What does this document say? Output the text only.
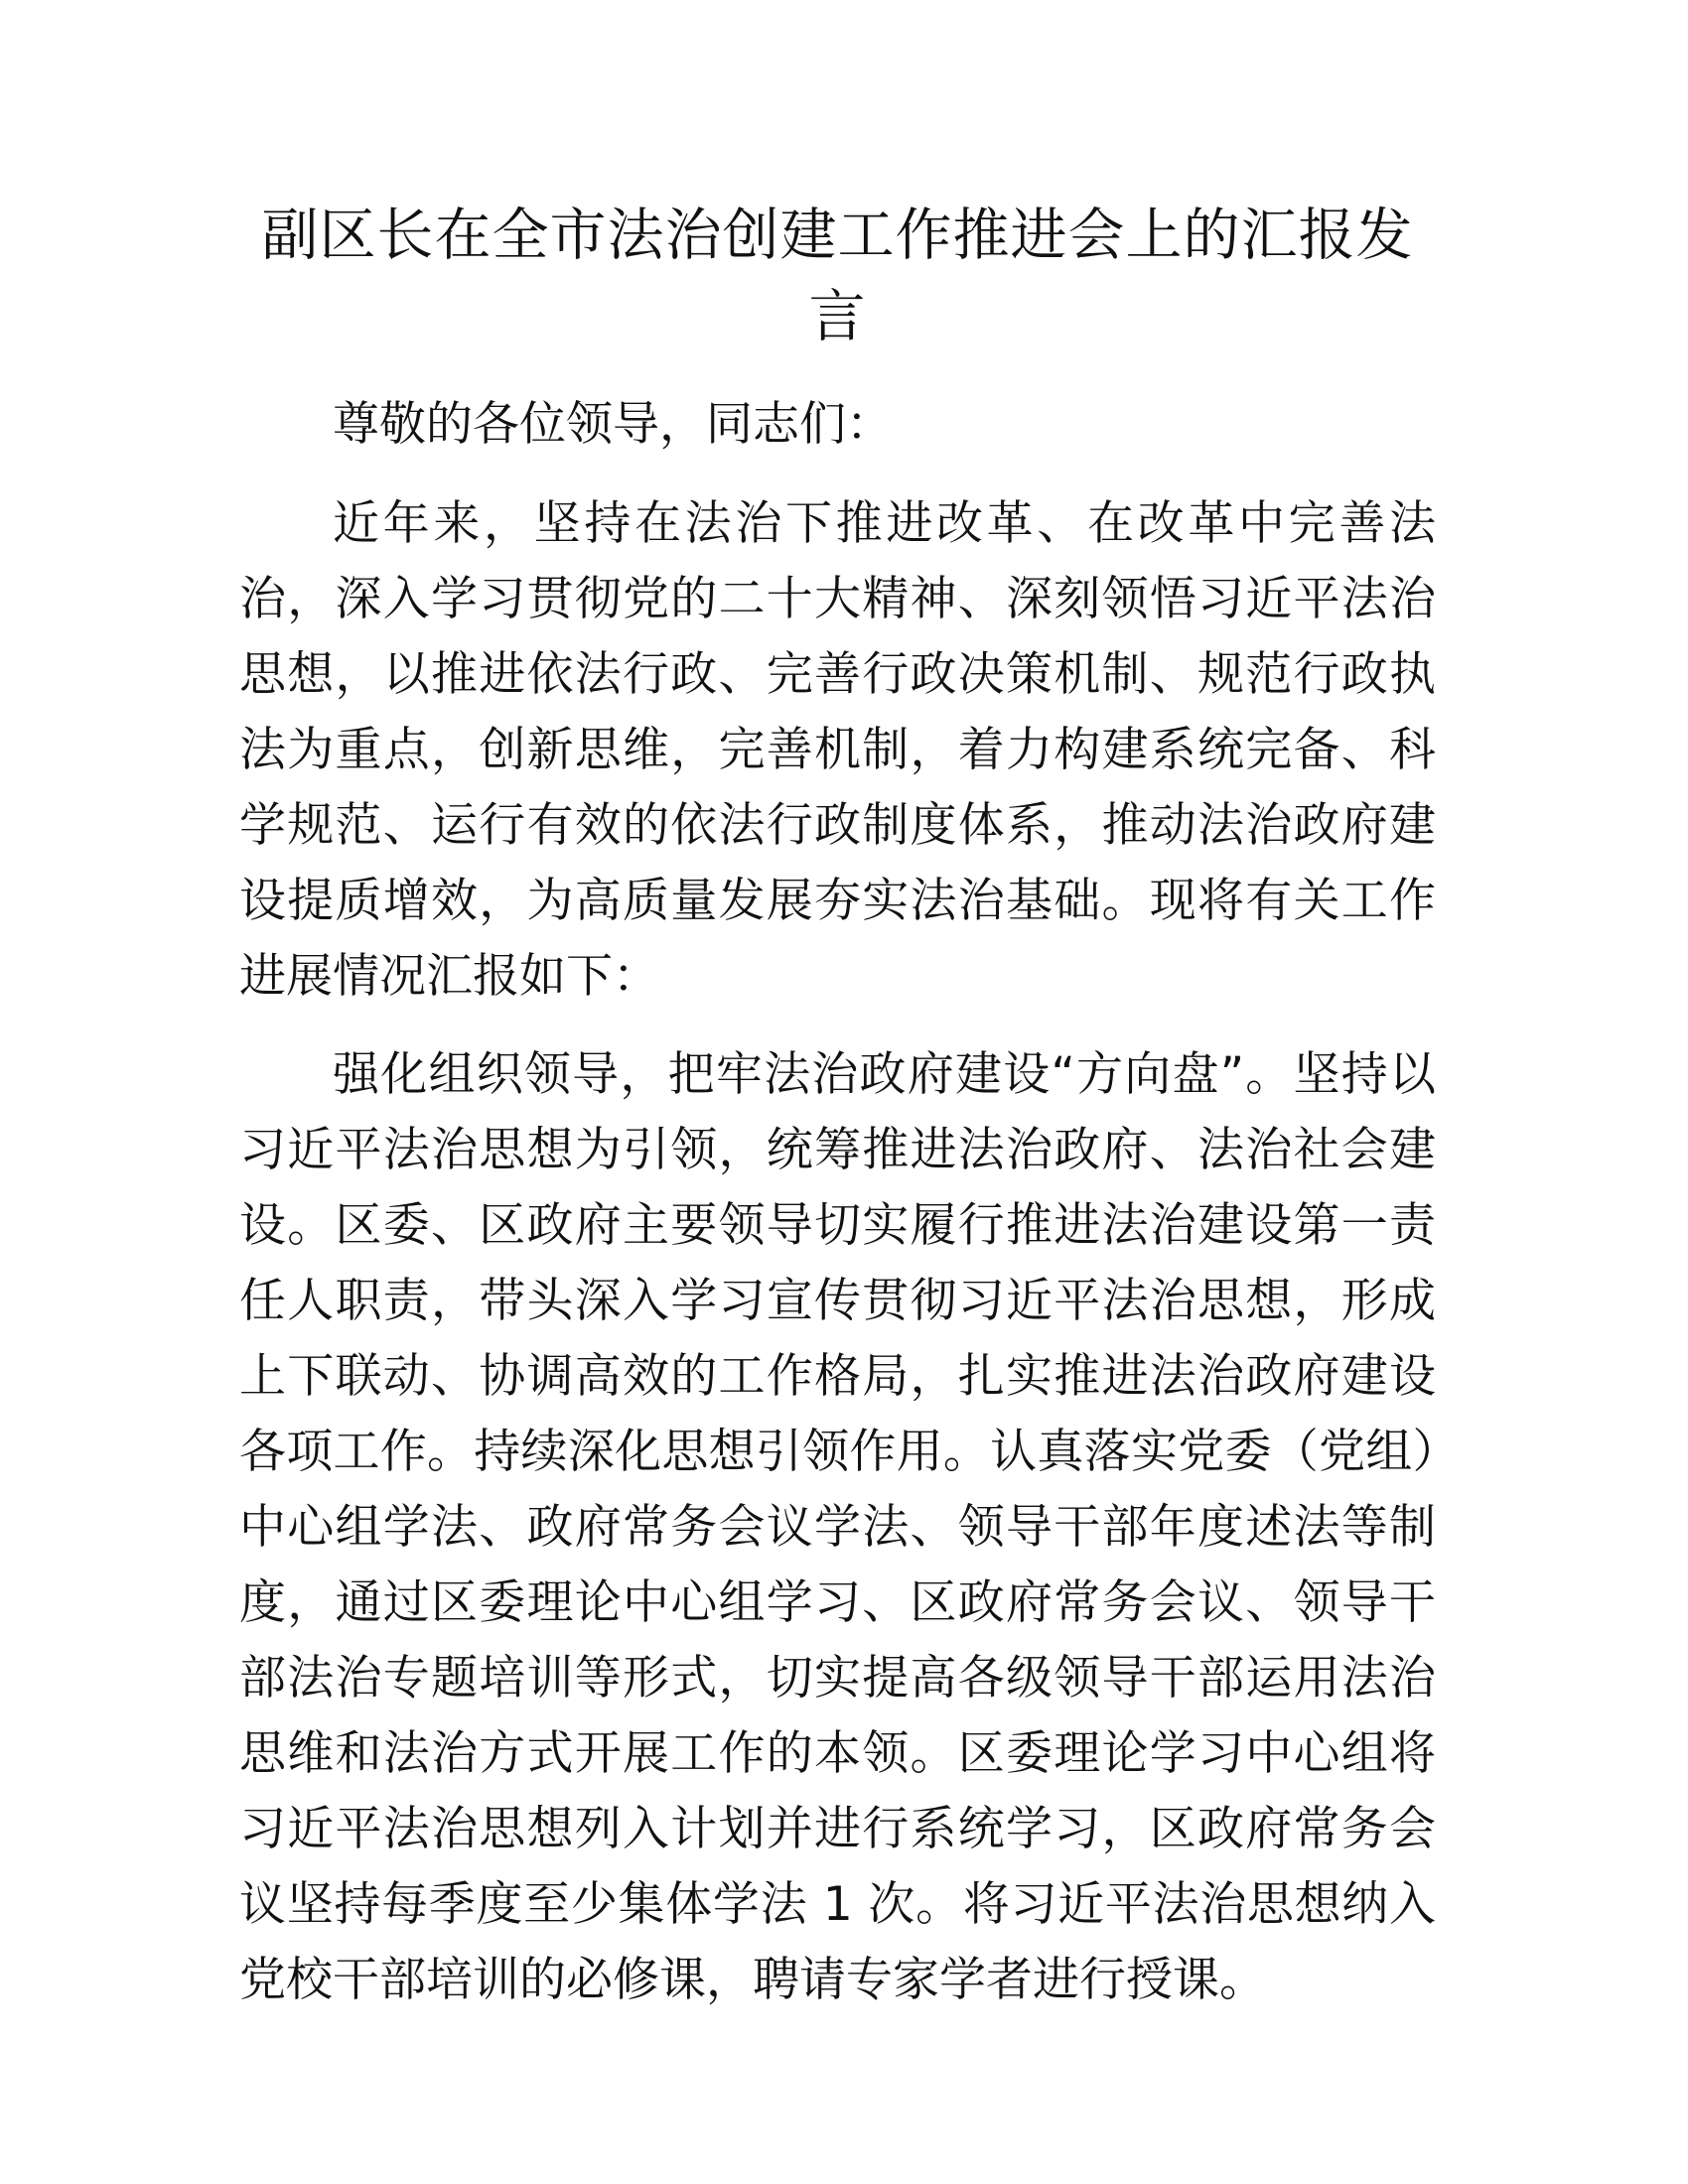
副区长在全市法治创建工作推进会上的汇报发言

尊敬的各位领导，同志们：

近年来，坚持在法治下推进改革、在改革中完善法治，深入学习贯彻党的二十大精神、深刻领悟习近平法治思想，以推进依法行政、完善行政决策机制、规范行政执法为重点，创新思维，完善机制，着力构建系统完备、科学规范、运行有效的依法行政制度体系，推动法治政府建设提质增效，为高质量发展夯实法治基础。现将有关工作进展情况汇报如下：

强化组织领导，把牢法治政府建设“方向盘”。坚持以习近平法治思想为引领，统筹推进法治政府、法治社会建设。区委、区政府主要领导切实履行推进法治建设第一责任人职责，带头深入学习宣传贯彻习近平法治思想，形成上下联动、协调高效的工作格局，扎实推进法治政府建设各项工作。持续深化思想引领作用。认真落实党委（党组）中心组学法、政府常务会议学法、领导干部年度述法等制度，通过区委理论中心组学习、区政府常务会议、领导干部法治专题培训等形式，切实提高各级领导干部运用法治思维和法治方式开展工作的本领。区委理论学习中心组将习近平法治思想列入计划并进行系统学习，区政府常务会议坚持每季度至少集体学法 1 次。将习近平法治思想纳入党校干部培训的必修课，聘请专家学者进行授课。
